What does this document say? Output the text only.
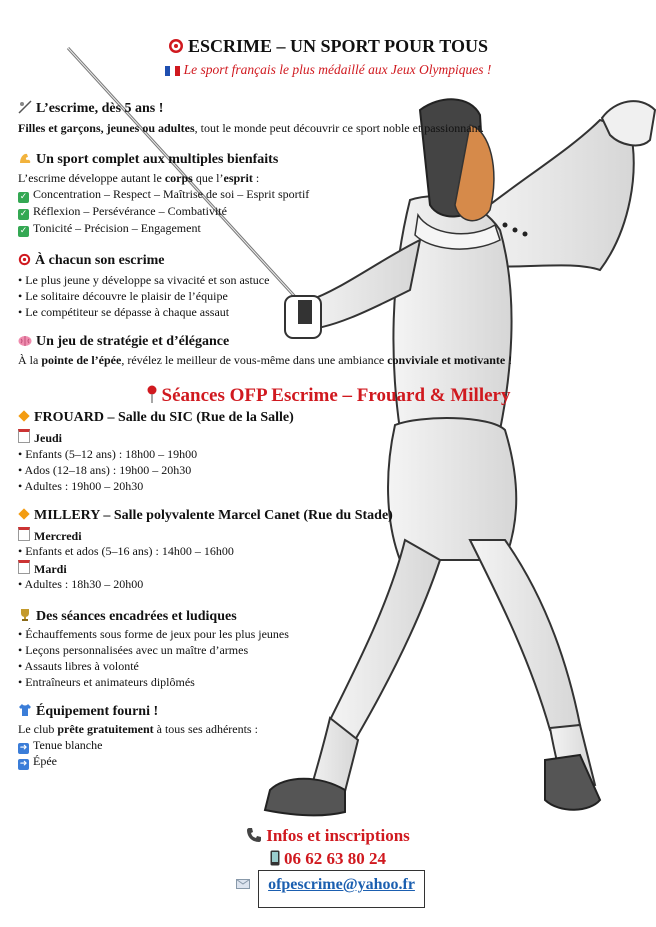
ESCRIME – UN SPORT POUR TOUS
Le sport français le plus médaillé aux Jeux Olympiques !
L’escrime, dès 5 ans !
Filles et garçons, jeunes ou adultes, tout le monde peut découvrir ce sport noble et passionnant.
Un sport complet aux multiples bienfaits
L’escrime développe autant le corps que l’esprit :
✓ Concentration – Respect – Maîtrise de soi – Esprit sportif
✓ Réflexion – Persévérance – Combativité
✓ Tonicité – Précision – Engagement
À chacun son escrime
• Le plus jeune y développe sa vivacité et son astuce
• Le solitaire découvre le plaisir de l’équipe
• Le compétiteur se dépasse à chaque assaut
Un jeu de stratégie et d’élégance
À la pointe de l’épée, révélez le meilleur de vous-même dans une ambiance conviviale et motivante !
Séances OFP Escrime – Frouard & Millery
FROUARD – Salle du SIC (Rue de la Salle)
Jeudi
• Enfants (5–12 ans) : 18h00 – 19h00
• Ados (12–18 ans) : 19h00 – 20h30
• Adultes : 19h00 – 20h30
MILLERY – Salle polyvalente Marcel Canet (Rue du Stade)
Mercredi
• Enfants et ados (5–16 ans) : 14h00 – 16h00
Mardi
• Adultes : 18h30 – 20h00
Des séances encadrées et ludiques
• Échauffements sous forme de jeux pour les plus jeunes
• Leçons personnalisées avec un maître d’armes
• Assauts libres à volonté
• Entraîneurs et animateurs diplômés
Équipement fourni !
Le club prête gratuitement à tous ses adhérents :
➜ Tenue blanche
➜ Épée
Infos et inscriptions
06 62 63 80 24
ofpescrime@yahoo.fr
